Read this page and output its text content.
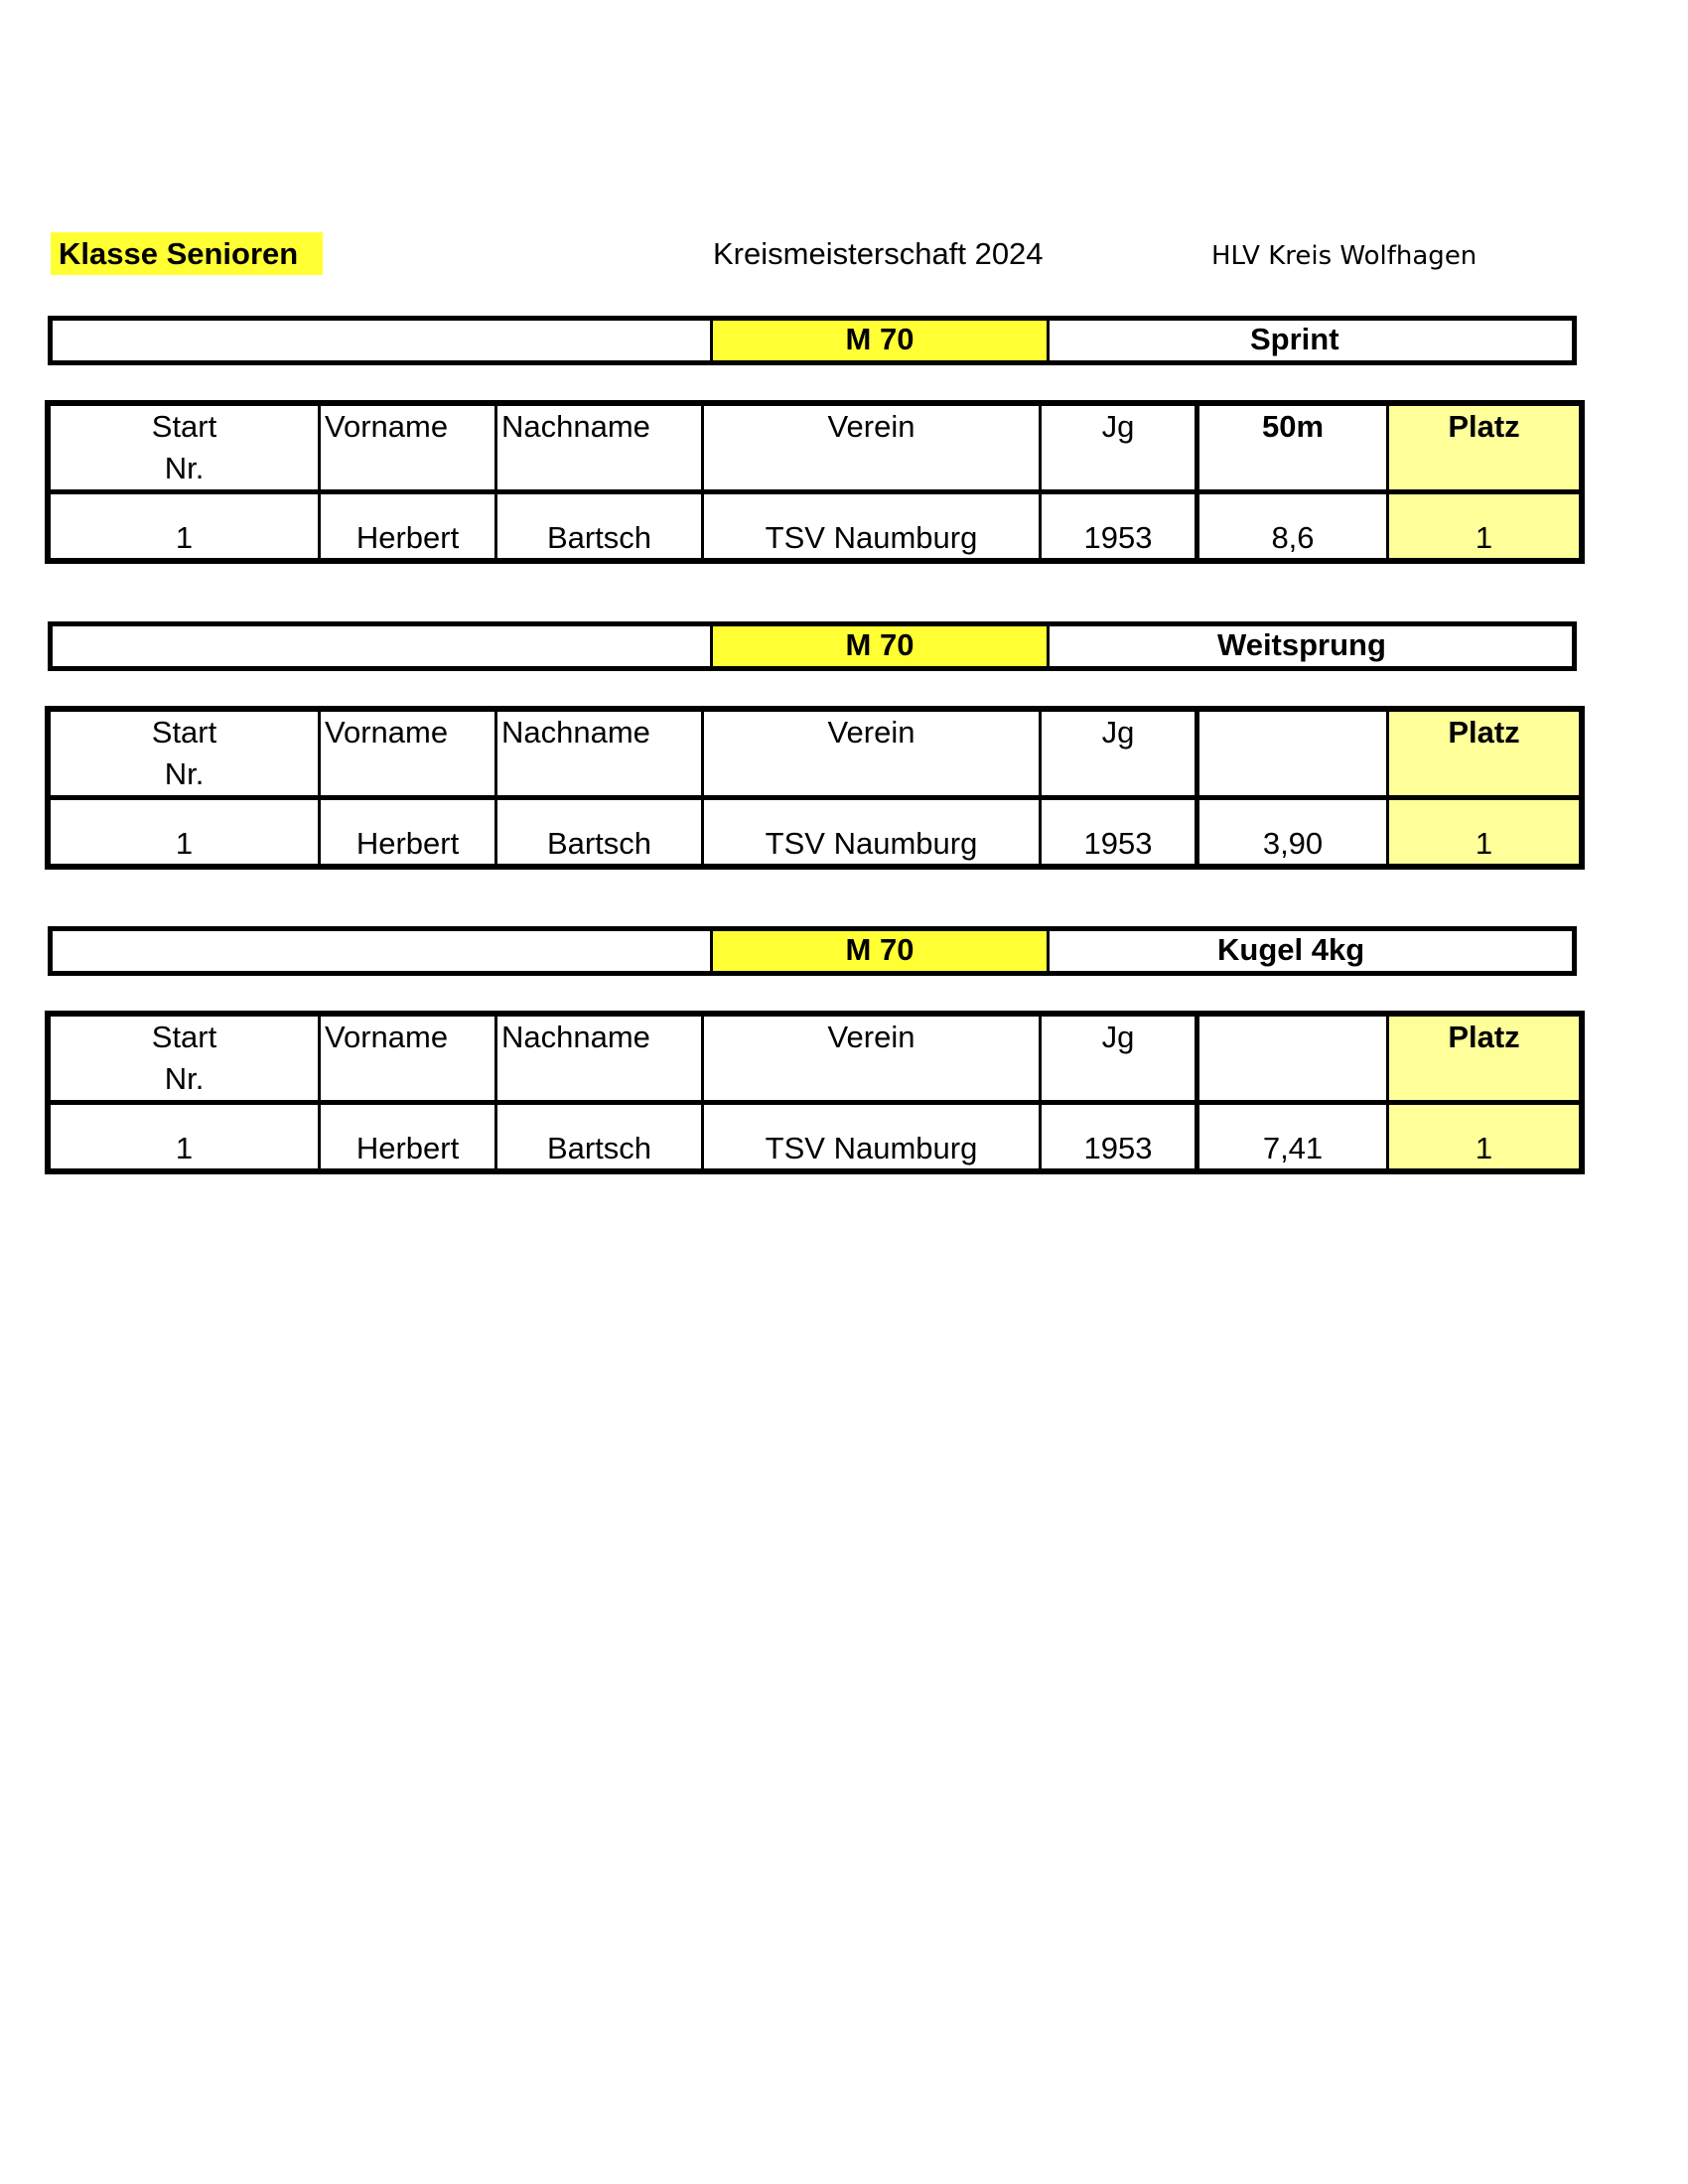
Klasse Senioren	Kreismeisterschaft 2024	HLV Kreis Wolfhagen
M 70	Sprint
Start
Nr.	Vorname	Nachname	Verein	Jg	50m	Platz
1	Herbert	Bartsch	TSV Naumburg	1953	8,6	1
M 70	Weitsprung
Start
Nr.	Vorname	Nachname	Verein	Jg		Platz
1	Herbert	Bartsch	TSV Naumburg	1953	3,90	1
M 70	Kugel 4kg
Start
Nr.	Vorname	Nachname	Verein	Jg		Platz
1	Herbert	Bartsch	TSV Naumburg	1953	7,41	1
